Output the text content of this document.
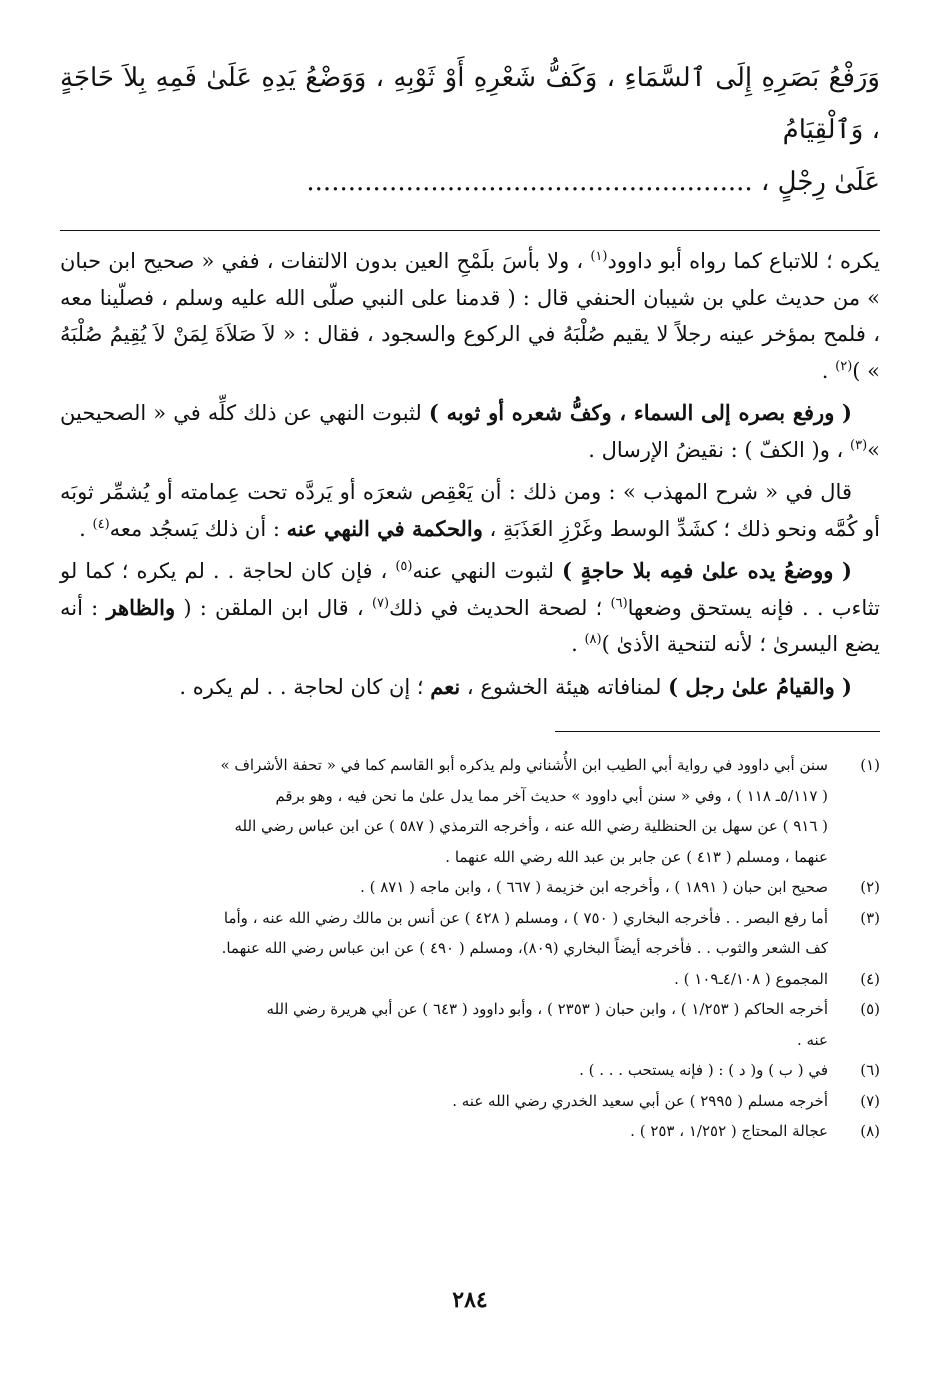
وَرَفْعُ بَصَرِهِ إِلَى ٱلسَّمَاءِ ، وَكَفُّ شَعْرِهِ أَوْ ثَوْبِهِ ، وَوَضْعُ يَدِهِ عَلَىٰ فَمِهِ بِلاَ حَاجَةٍ ، وَٱلْقِيَامُ
عَلَىٰ رِجْلٍ ، ......................................................

يكره ؛ للاتباع كما رواه أبو داوود$^{(١)}$ ، ولا بأسَ بلَمْحِ العين بدون الالتفات ، ففي « صحيح ابن حبان » من حديث علي بن شيبان الحنفي قال : ( قدمنا على النبي صلّى الله عليه وسلم ، فصلّينا معه ، فلمح بمؤخر عينه رجلاً لا يقيم صُلْبَهُ في الركوع والسجود ، فقال : « لاَ صَلاَةَ لِمَنْ لاَ يُقِيمُ صُلْبَهُ » )$^{(٢)}$ .

( ورفع بصره إلى السماء ، وكفُّ شعره أو ثوبه ) لثبوت النهي عن ذلك كلِّه في « الصحيحين »$^{(٣)}$ ، و( الكفّ ) : نقيضُ الإرسال .

قال في « شرح المهذب » : ومن ذلك : أن يَعْقِص شعرَه أو يَردَّه تحت عِمامته أو يُشمِّر ثوبَه أو كُمَّه ونحو ذلك ؛ كشَدِّ الوسط وغَرْزِ العَذَبَةِ ، والحكمة في النهي عنه : أن ذلك يَسجُد معه$^{(٤)}$ .

( ووضعُ يده علىٰ فمِه بلا حاجةٍ ) لثبوت النهي عنه$^{(٥)}$ ، فإن كان لحاجة . . لم يكره ؛ كما لو تثاءب . . فإنه يستحق وضعها$^{(٦)}$ ؛ لصحة الحديث في ذلك$^{(٧)}$ ، قال ابن الملقن : ( والظاهر : أنه يضع اليسرىٰ ؛ لأنه لتنحية الأذىٰ )$^{(٨)}$ .

( والقيامُ علىٰ رجل ) لمنافاته هيئة الخشوع ، نعم ؛ إن كان لحاجة . . لم يكره .

(١)
سنن أبي داوود في رواية أبي الطيب ابن الأُشناني ولم يذكره أبو القاسم كما في « تحفة الأشراف »
( ٥/١١٧ـ ١١٨ ) ، وفي « سنن أبي داوود » حديث آخر مما يدل علىٰ ما نحن فيه ، وهو برقم
( ٩١٦ ) عن سهل بن الحنظلية رضي الله عنه ، وأخرجه الترمذي ( ٥٨٧ ) عن ابن عباس رضي الله
عنهما ، ومسلم ( ٤١٣ ) عن جابر بن عبد الله رضي الله عنهما .
(٢)
صحيح ابن حبان ( ١٨٩١ ) ، وأخرجه ابن خزيمة ( ٦٦٧ ) ، وابن ماجه ( ٨٧١ ) .
(٣)
أما رفع البصر . . فأخرجه البخاري ( ٧٥٠ ) ، ومسلم ( ٤٢٨ ) عن أنس بن مالك رضي الله عنه ، وأما
كف الشعر والثوب . . فأخرجه أيضاً البخاري (٨٠٩)، ومسلم ( ٤٩٠ ) عن ابن عباس رضي الله عنهما.
(٤)
المجموع ( ٤/١٠٨ـ١٠٩ ) .
(٥)
أخرجه الحاكم ( ١/٢٥٣ ) ، وابن حبان ( ٢٣٥٣ ) ، وأبو داوود ( ٦٤٣ ) عن أبي هريرة رضي الله
عنه .
(٦)
في ( ب ) و( د ) : ( فإنه يستحب . . . ) .
(٧)
أخرجه مسلم ( ٢٩٩٥ ) عن أبي سعيد الخدري رضي الله عنه .
(٨)
عجالة المحتاج ( ١/٢٥٢ ، ٢٥٣ ) .
٢٨٤
